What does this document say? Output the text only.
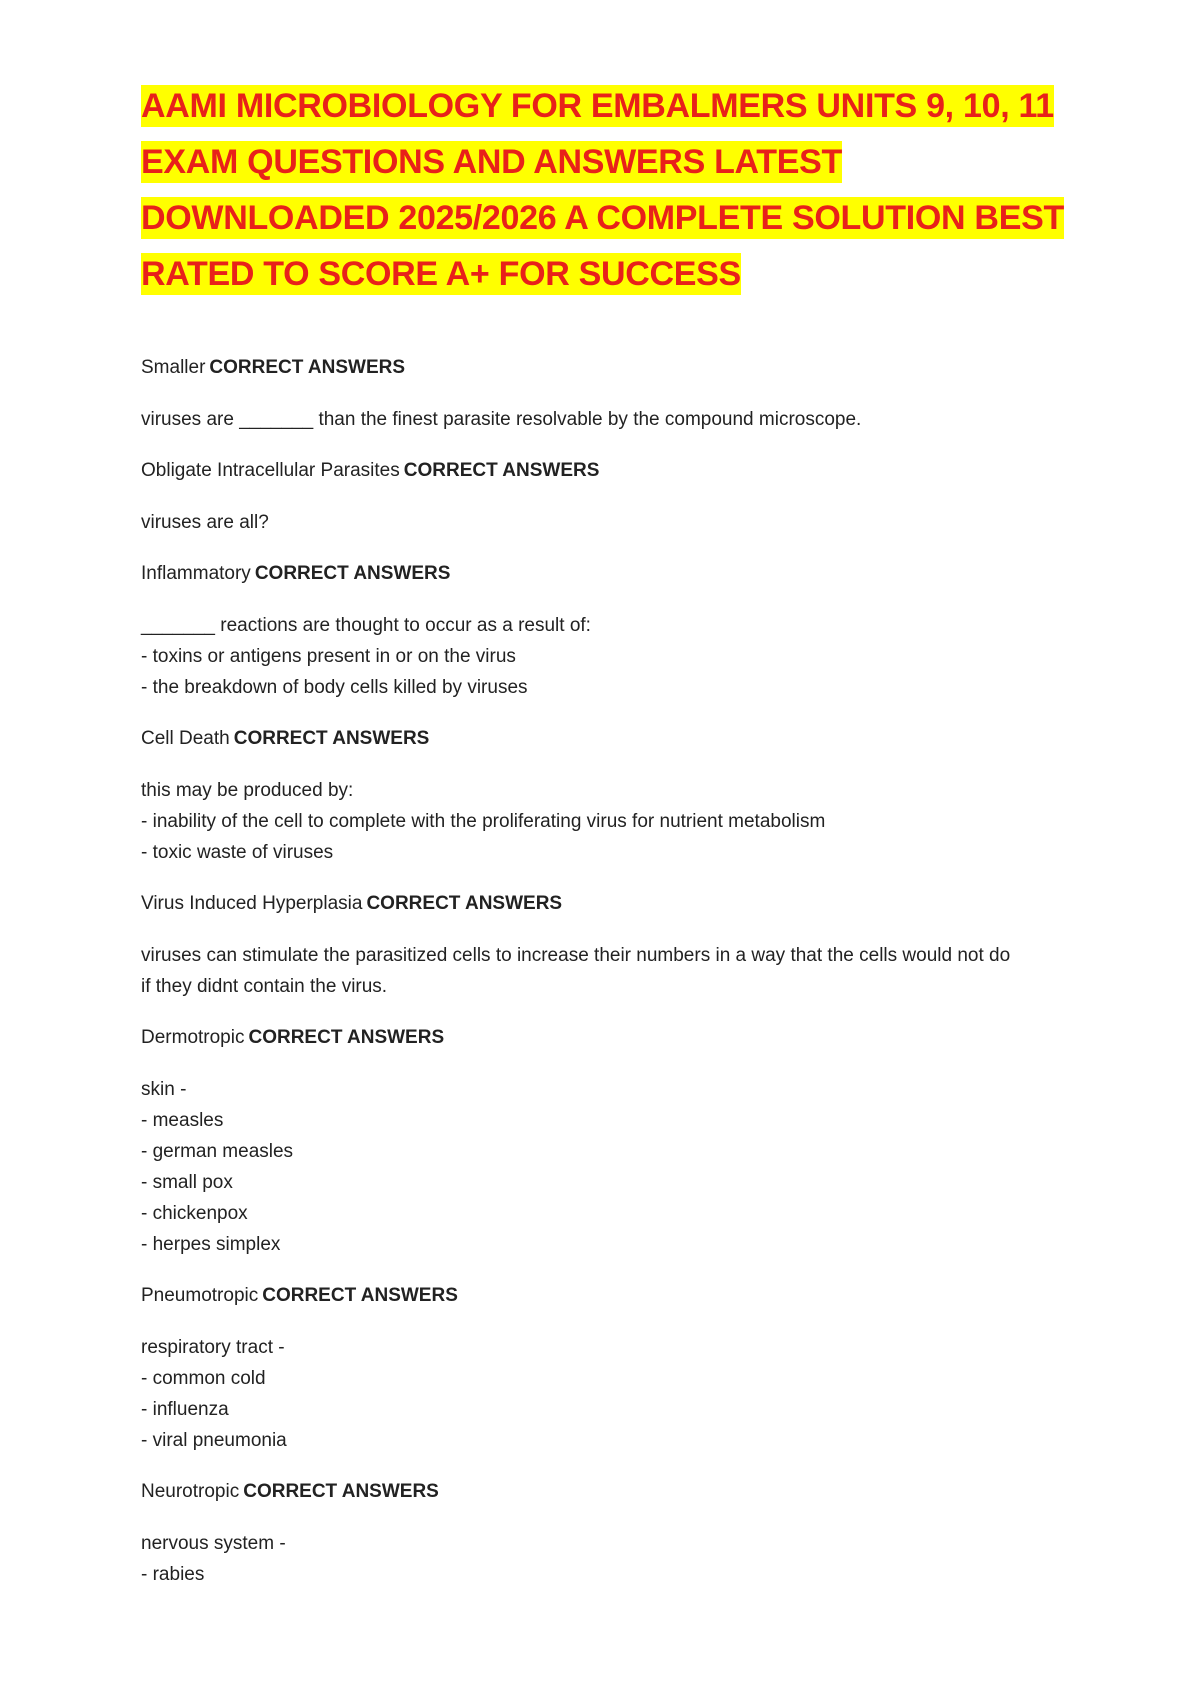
AAMI MICROBIOLOGY FOR EMBALMERS UNITS 9, 10, 11
EXAM QUESTIONS AND ANSWERS LATEST
DOWNLOADED 2025/2026 A COMPLETE SOLUTION BEST
RATED TO SCORE A+ FOR SUCCESS

Smaller CORRECT ANSWERS

viruses are _______ than the finest parasite resolvable by the compound microscope.

Obligate Intracellular Parasites CORRECT ANSWERS

viruses are all?

Inflammatory CORRECT ANSWERS

_______ reactions are thought to occur as a result of:
- toxins or antigens present in or on the virus
- the breakdown of body cells killed by viruses

Cell Death CORRECT ANSWERS

this may be produced by:
- inability of the cell to complete with the proliferating virus for nutrient metabolism
- toxic waste of viruses

Virus Induced Hyperplasia CORRECT ANSWERS

viruses can stimulate the parasitized cells to increase their numbers in a way that the cells would not do
if they didnt contain the virus.

Dermotropic CORRECT ANSWERS

skin -
- measles
- german measles
- small pox
- chickenpox
- herpes simplex

Pneumotropic CORRECT ANSWERS

respiratory tract -
- common cold
- influenza
- viral pneumonia

Neurotropic CORRECT ANSWERS

nervous system -
- rabies
